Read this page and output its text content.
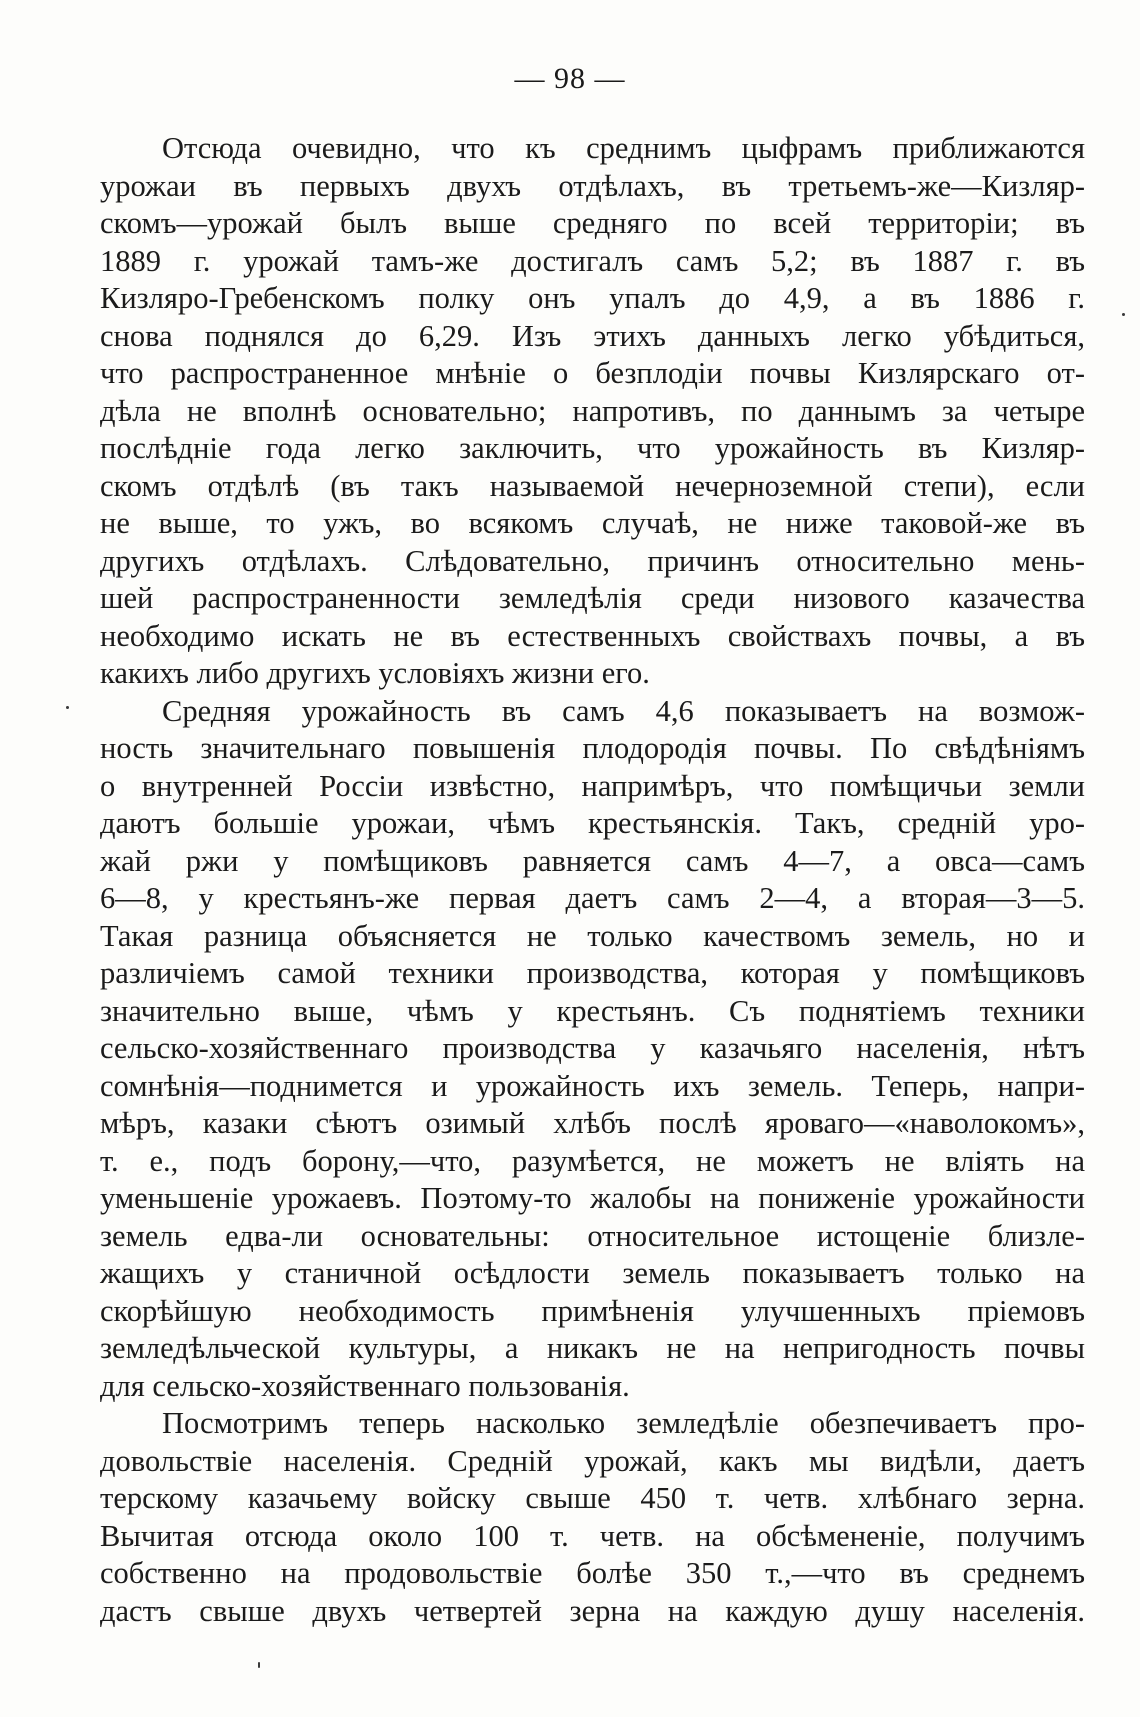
— 98 —
Отсюда очевидно, что къ среднимъ цыфрамъ приближаются
урожаи въ первыхъ двухъ отдѣлахъ, въ третьемъ-же—Кизляр-
скомъ—урожай былъ выше средняго по всей территоріи; въ
1889 г. урожай тамъ-же достигалъ самъ 5,2; въ 1887 г. въ
Кизляро-Гребенскомъ полку онъ упалъ до 4,9, а въ 1886 г.
снова поднялся до 6,29. Изъ этихъ данныхъ легко убѣдиться,
что распространенное мнѣніе о безплодіи почвы Кизлярскаго от-
дѣла не вполнѣ основательно; напротивъ, по даннымъ за четыре
послѣдніе года легко заключить, что урожайность въ Кизляр-
скомъ отдѣлѣ (въ такъ называемой нечерноземной степи), если
не выше, то ужъ, во всякомъ случаѣ, не ниже таковой-же въ
другихъ отдѣлахъ. Слѣдовательно, причинъ относительно мень-
шей распространенности земледѣлія среди низового казачества
необходимо искать не въ естественныхъ свойствахъ почвы, а въ
какихъ либо другихъ условіяхъ жизни его.
Средняя урожайность въ самъ 4,6 показываетъ на возмож-
ность значительнаго повышенія плодородія почвы. По свѣдѣніямъ
о внутренней Россіи извѣстно, напримѣръ, что помѣщичьи земли
даютъ большіе урожаи, чѣмъ крестьянскія. Такъ, средній уро-
жай ржи у помѣщиковъ равняется самъ 4—7, а овса—самъ
6—8, у крестьянъ-же первая даетъ самъ 2—4, а вторая—3—5.
Такая разница объясняется не только качествомъ земель, но и
различіемъ самой техники производства, которая у помѣщиковъ
значительно выше, чѣмъ у крестьянъ. Съ поднятіемъ техники
сельско-хозяйственнаго производства у казачьяго населенія, нѣтъ
сомнѣнія—поднимется и урожайность ихъ земель. Теперь, напри-
мѣръ, казаки сѣютъ озимый хлѣбъ послѣ яроваго—«наволокомъ»,
т. е., подъ борону,—что, разумѣется, не можетъ не вліять на
уменьшеніе урожаевъ. Поэтому-то жалобы на пониженіе урожайности
земель едва-ли основательны: относительное истощеніе близле-
жащихъ у станичной осѣдлости земель показываетъ только на
скорѣйшую необходимость примѣненія улучшенныхъ пріемовъ
земледѣльческой культуры, а никакъ не на непригодность почвы
для сельско-хозяйственнаго пользованія.
Посмотримъ теперь насколько земледѣліе обезпечиваетъ про-
довольствіе населенія. Средній урожай, какъ мы видѣли, даетъ
терскому казачьему войску свыше 450 т. четв. хлѣбнаго зерна.
Вычитая отсюда около 100 т. четв. на обсѣмененіе, получимъ
собственно на продовольствіе болѣе 350 т.,—что въ среднемъ
дастъ свыше двухъ четвертей зерна на каждую душу населенія.
